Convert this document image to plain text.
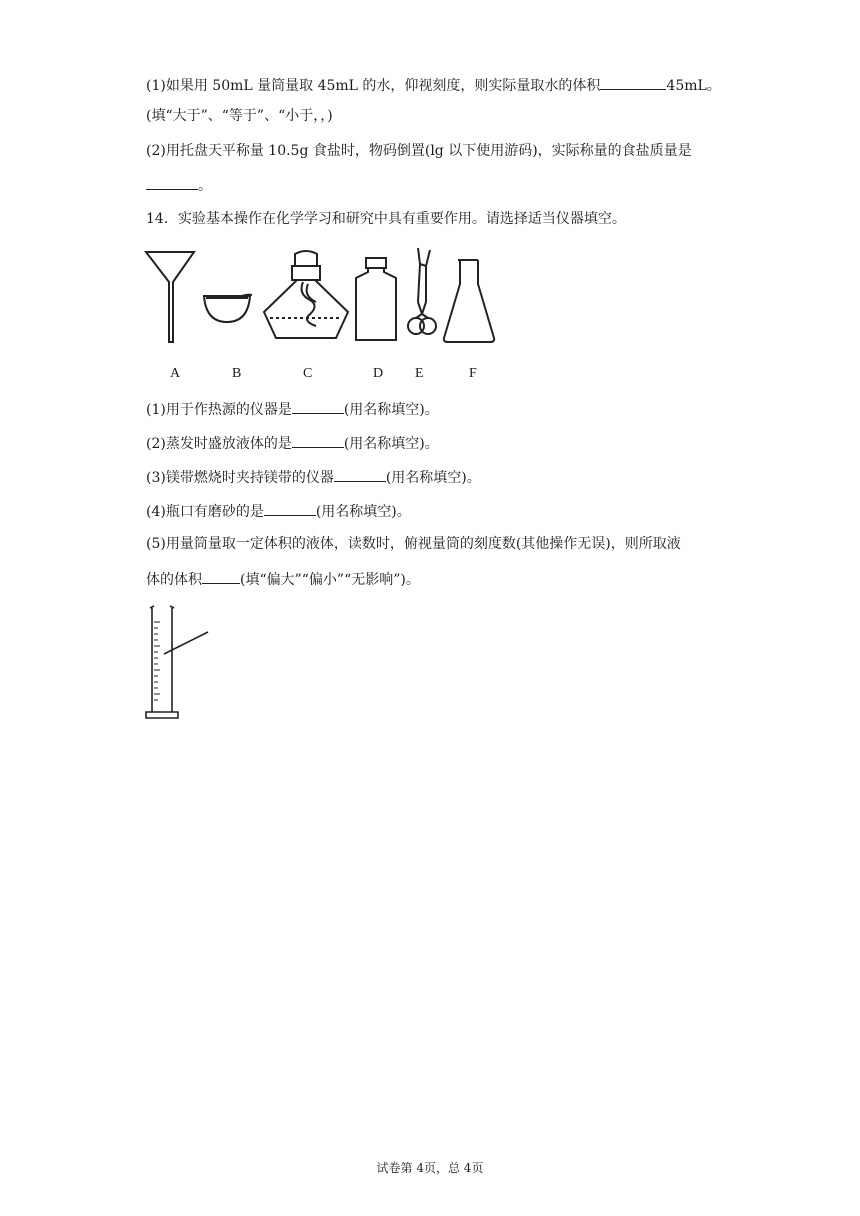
(1)如果用 50mL 量筒量取 45mL 的水，仰视刻度，则实际量取水的体积	45mL。
(填“大于”、“等于”、“小于，，)
(2)用托盘天平称量 10.5g 食盐时，物码倒置(lg 以下使用游码)，实际称量的食盐质量是
。
14．实验基本操作在化学学习和研究中具有重要作用。请选择适当仪器填空。
A	B	C	D E	F
(1)用于作热源的仪器是	(用名称填空)。
(2)蒸发时盛放液体的是	(用名称填空)。
(3)镁带燃烧时夹持镁带的仪器	(用名称填空)。
(4)瓶口有磨砂的是	(用名称填空)。
(5)用量筒量取一定体积的液体，读数时，俯视量筒的刻度数(其他操作无误)，则所取液
体的体积	(填“偏大”“偏小”“无影响”)。
试卷第 4页，总 4页
